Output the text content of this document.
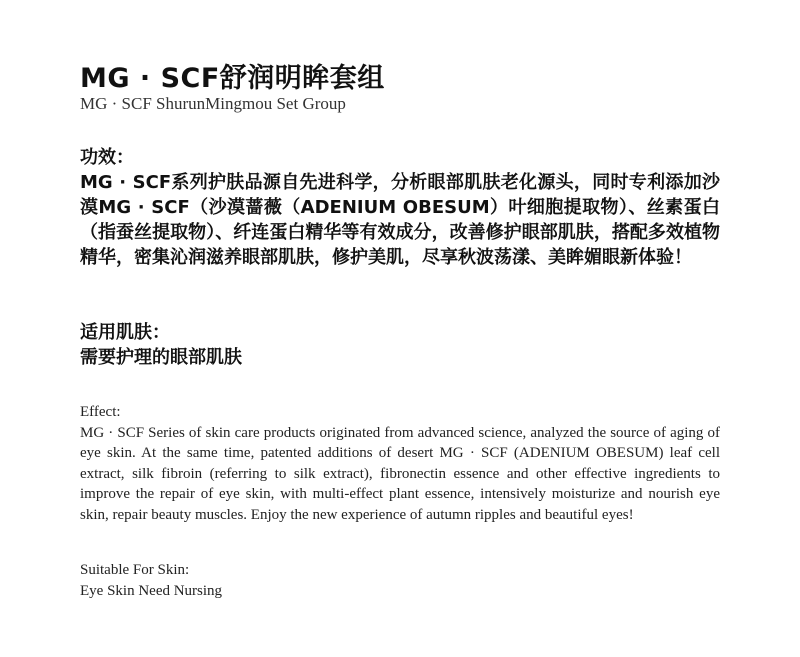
MG · SCF舒润明眸套组
MG · SCF ShurunMingmou Set Group
功效：
MG · SCF系列护肤品源自先进科学，分析眼部肌肤老化源头，同时专利添加沙漠MG · SCF（沙漠蔷薇（ADENIUM OBESUM）叶细胞提取物）、丝素蛋白（指蚕丝提取物）、纤连蛋白精华等有效成分，改善修护眼部肌肤，搭配多效植物精华，密集沁润滋养眼部肌肤，修护美肌，尽享秋波荡漾、美眸媚眼新体验！
适用肌肤：
需要护理的眼部肌肤
Effect:
MG · SCF Series of skin care products originated from advanced science, analyzed the source of aging of eye skin. At the same time, patented additions of desert MG · SCF (ADENIUM OBESUM) leaf cell extract, silk fibroin (referring to silk extract), fibronectin essence and other effective ingredients to improve the repair of eye skin, with multi-effect plant essence, intensively moisturize and nourish eye skin, repair beauty muscles. Enjoy the new experience of autumn ripples and beautiful eyes!
Suitable For Skin:
Eye Skin Need Nursing
